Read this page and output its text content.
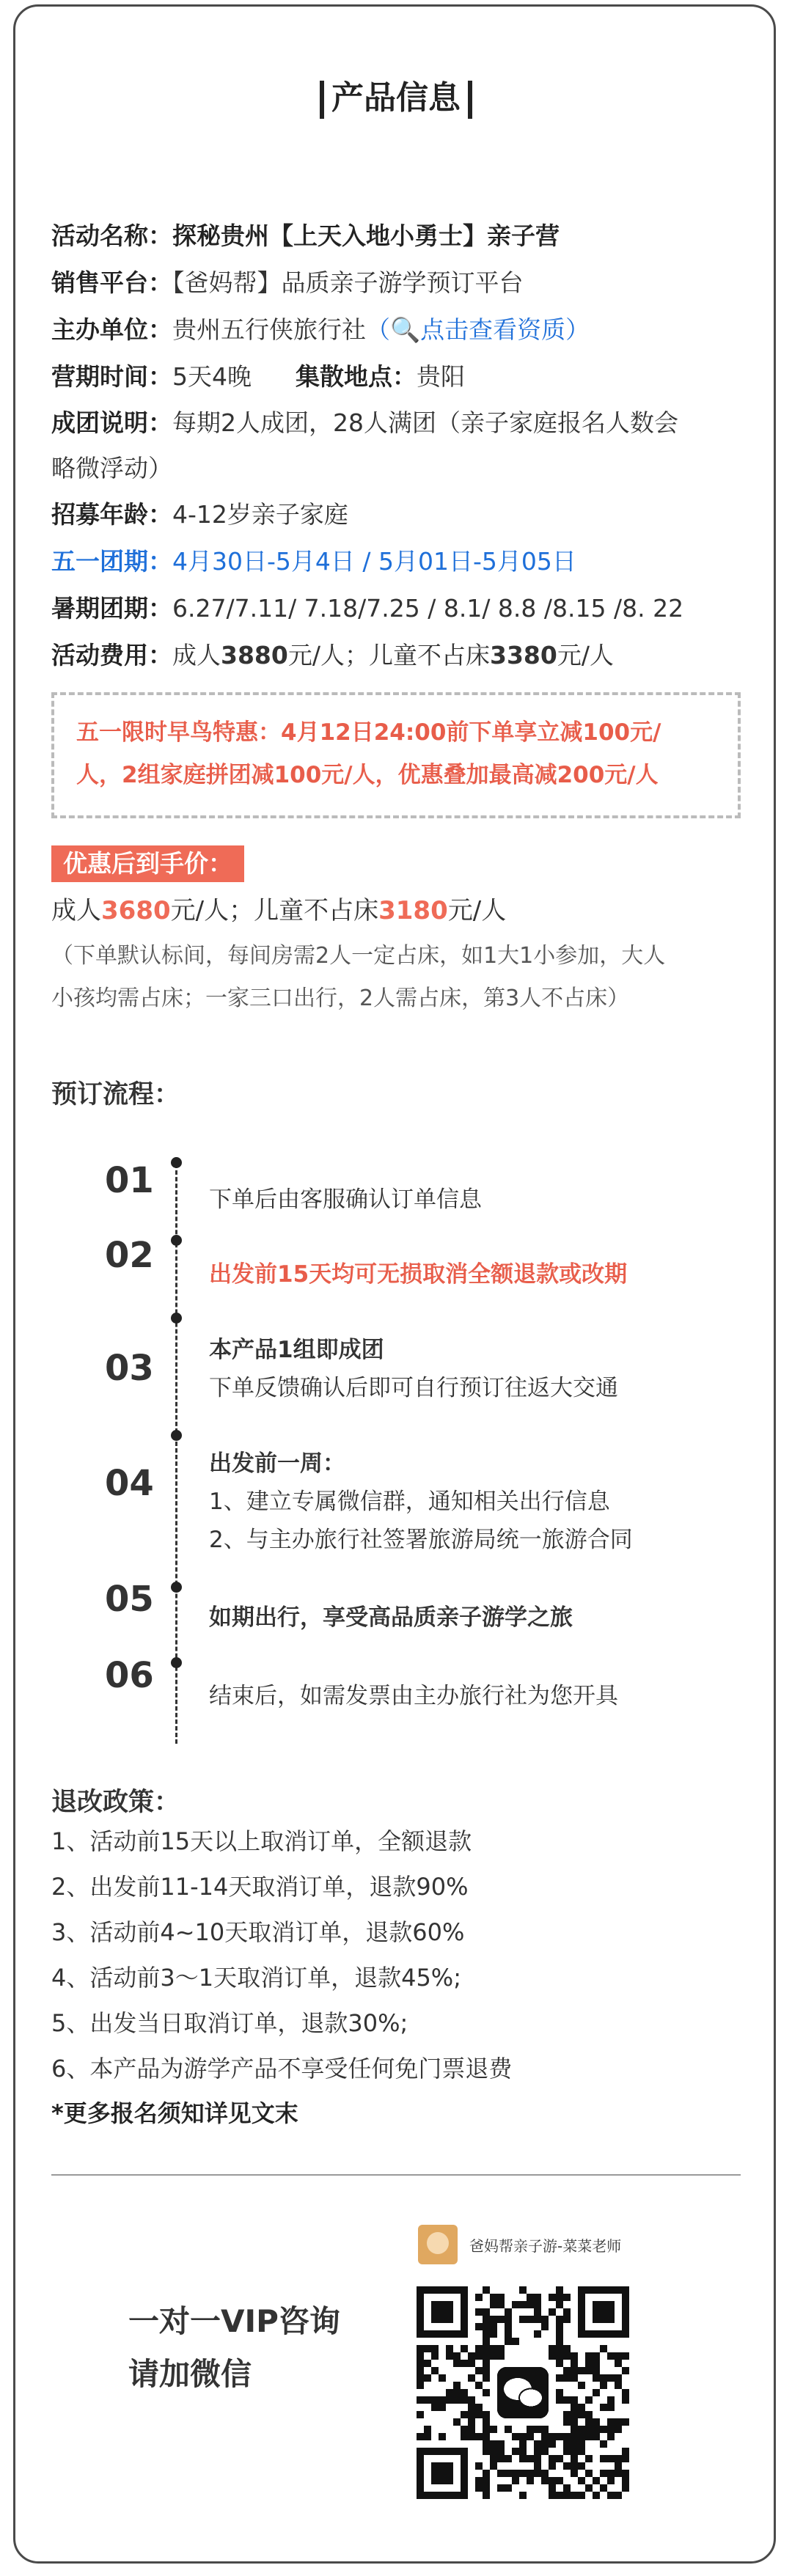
产品信息
活动名称：探秘贵州【上天入地小勇士】亲子营
销售平台：【爸妈帮】品质亲子游学预订平台
主办单位：贵州五行侠旅行社（🔍点击查看资质）
营期时间：5天4晚 集散地点：贵阳
成团说明：每期2人成团，28人满团（亲子家庭报名人数会
略微浮动）
招募年龄：4-12岁亲子家庭
五一团期：4月30日-5月4日 / 5月01日-5月05日
暑期团期：6.27/7.11/ 7.18/7.25 / 8.1/ 8.8 /8.15 /8. 22
活动费用：成人3880元/人；儿童不占床3380元/人
五一限时早鸟特惠：4月12日24:00前下单享立减100元/
人，2组家庭拼团减100元/人，优惠叠加最高减200元/人
优惠后到手价：
成人3680元/人；儿童不占床3180元/人
（下单默认标间，每间房需2人一定占床，如1大1小参加，大人
小孩均需占床；一家三口出行，2人需占床，第3人不占床）
预订流程：
01 下单后由客服确认订单信息
02 出发前15天均可无损取消全额退款或改期
03 本产品1组即成团
下单反馈确认后即可自行预订往返大交通
04 出发前一周：
1、建立专属微信群，通知相关出行信息
2、与主办旅行社签署旅游局统一旅游合同
05 如期出行，享受高品质亲子游学之旅
06 结束后，如需发票由主办旅行社为您开具
退改政策：
1、活动前15天以上取消订单，全额退款
2、出发前11-14天取消订单，退款90%
3、活动前4~10天取消订单，退款60%
4、活动前3～1天取消订单，退款45%;
5、出发当日取消订单，退款30%;
6、本产品为游学产品不享受任何免门票退费
*更多报名须知详见文末
一对一VIP咨询
请加微信
爸妈帮亲子游-菜菜老师
